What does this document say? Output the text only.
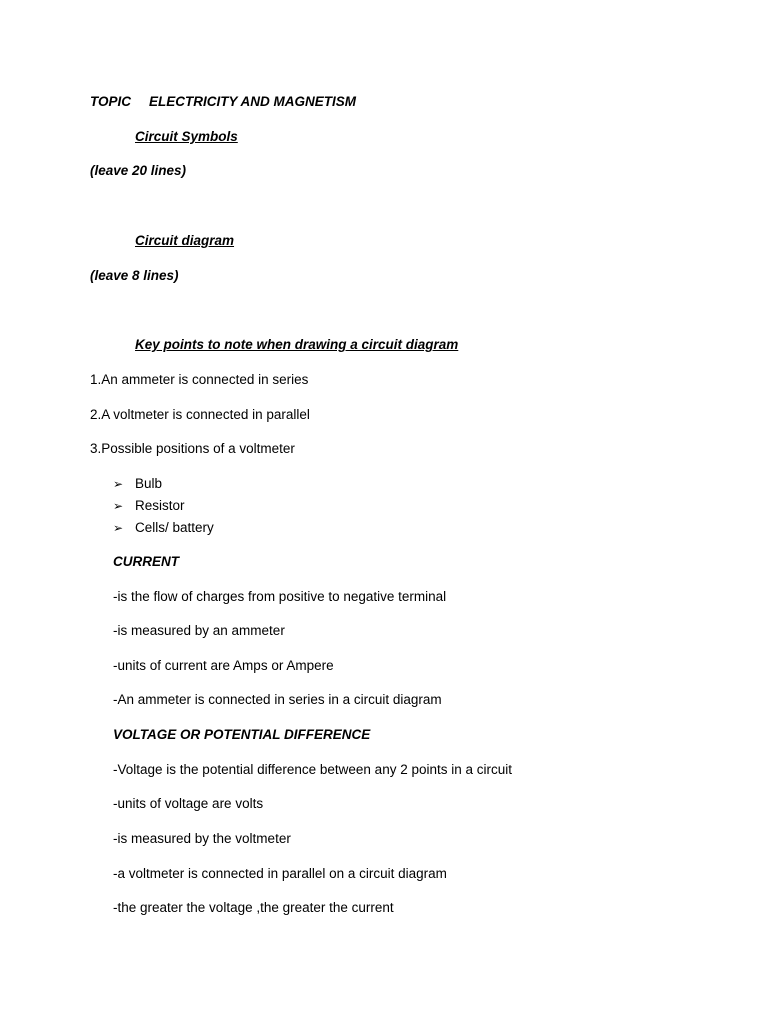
TOPIC ELECTRICITY AND MAGNETISM
Circuit Symbols
(leave 20 lines)
Circuit diagram
(leave 8 lines)
Key points to note when drawing a circuit diagram
1.An ammeter is connected in series
2.A voltmeter is connected in parallel
3.Possible positions of a voltmeter
➢ Bulb
➢ Resistor
➢ Cells/ battery
CURRENT
-is the flow of charges from positive to negative terminal
-is measured by an ammeter
-units of current are Amps or Ampere
-An ammeter is connected in series in a circuit diagram
VOLTAGE OR POTENTIAL DIFFERENCE
-Voltage is the potential difference between any 2 points in a circuit
-units of voltage are volts
-is measured by the voltmeter
-a voltmeter is connected in parallel on a circuit diagram
-the greater the voltage ,the greater the current
